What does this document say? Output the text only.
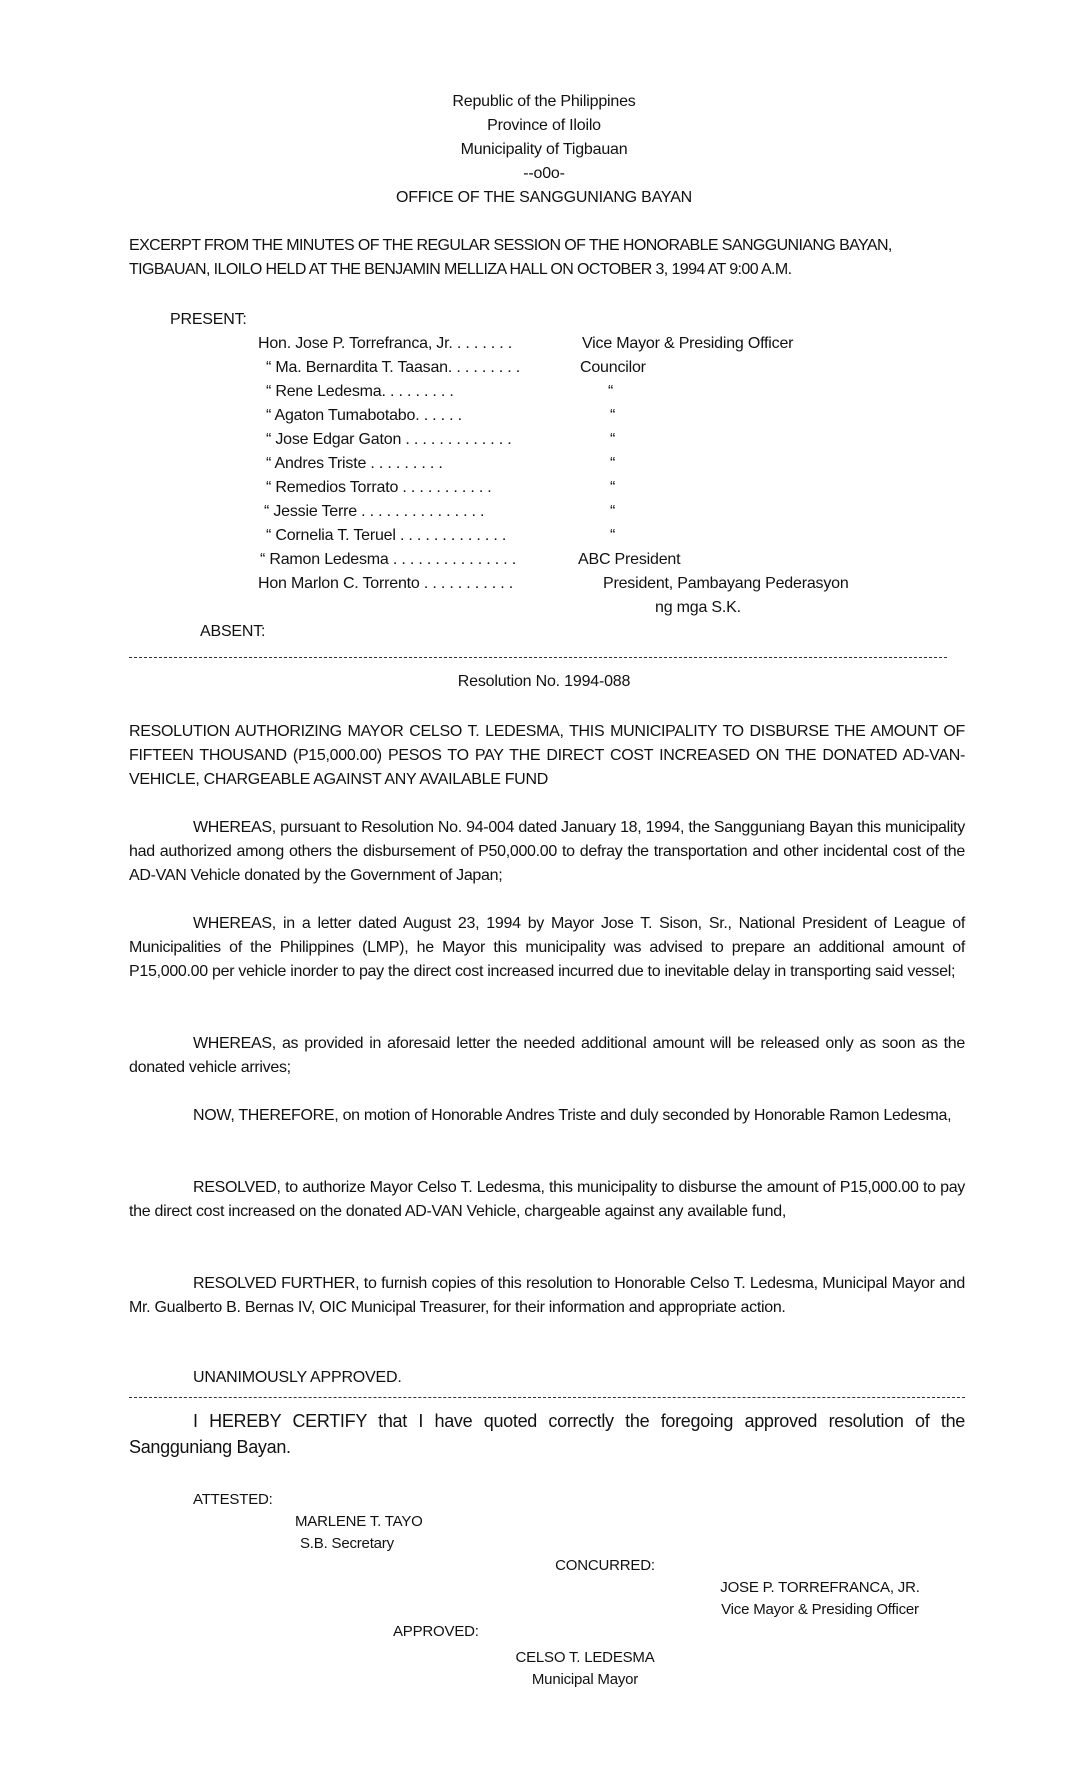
Republic of the Philippines
Province of Iloilo
Municipality of Tigbauan
--o0o-
OFFICE OF THE SANGGUNIANG BAYAN
EXCERPT FROM THE MINUTES OF THE REGULAR SESSION OF THE HONORABLE SANGGUNIANG BAYAN,
TIGBAUAN, ILOILO HELD AT THE BENJAMIN MELLIZA HALL ON OCTOBER 3, 1994 AT 9:00 A.M.
PRESENT:
Hon. Jose P. Torrefranca, Jr. . . . . . . .	Vice Mayor & Presiding Officer
“ Ma. Bernardita T. Taasan. . . . . . . . .	Councilor
“ Rene Ledesma. . . . . . . . .	“
“ Agaton Tumabotabo. . . . . .	“
“ Jose Edgar Gaton . . . . . . . . . . . . .	“
“ Andres Triste . . . . . . . . .	“
“ Remedios Torrato . . . . . . . . . . .	“
“ Jessie Terre . . . . . . . . . . . . . . .	“
“ Cornelia T. Teruel . . . . . . . . . . . . .	“
“ Ramon Ledesma . . . . . . . . . . . . . . .	ABC President
Hon Marlon C. Torrento . . . . . . . . . . .	President, Pambayang Pederasyon
ng mga S.K.
ABSENT:
Resolution No. 1994-088
RESOLUTION AUTHORIZING MAYOR CELSO T. LEDESMA, THIS MUNICIPALITY TO DISBURSE THE AMOUNT OF FIFTEEN THOUSAND (P15,000.00) PESOS TO PAY THE DIRECT COST INCREASED ON THE DONATED AD-VAN- VEHICLE, CHARGEABLE AGAINST ANY AVAILABLE FUND
WHEREAS, pursuant to Resolution No. 94-004 dated January 18, 1994, the Sangguniang Bayan this municipality had authorized among others the disbursement of P50,000.00 to defray the transportation and other incidental cost of the AD-VAN Vehicle donated by the Government of Japan;
WHEREAS, in a letter dated August 23, 1994 by Mayor Jose T. Sison, Sr., National President of League of Municipalities of the Philippines (LMP), he Mayor this municipality was advised to prepare an additional amount of P15,000.00 per vehicle inorder to pay the direct cost increased incurred due to inevitable delay in transporting said vessel;
WHEREAS, as provided in aforesaid letter the needed additional amount will be released only as soon as the donated vehicle arrives;
NOW, THEREFORE, on motion of Honorable Andres Triste and duly seconded by Honorable Ramon Ledesma,
RESOLVED, to authorize Mayor Celso T. Ledesma, this municipality to disburse the amount of P15,000.00 to pay the direct cost increased on the donated AD-VAN Vehicle, chargeable against any available fund,
RESOLVED FURTHER, to furnish copies of this resolution to Honorable Celso T. Ledesma, Municipal Mayor and Mr. Gualberto B. Bernas IV, OIC Municipal Treasurer, for their information and appropriate action.
UNANIMOUSLY APPROVED.
I HEREBY CERTIFY that I have quoted correctly the foregoing approved resolution of the Sangguniang Bayan.
ATTESTED:
MARLENE T. TAYO
S.B. Secretary
CONCURRED:
JOSE P. TORREFRANCA, JR.
Vice Mayor & Presiding Officer
APPROVED:
CELSO T. LEDESMA
Municipal Mayor
